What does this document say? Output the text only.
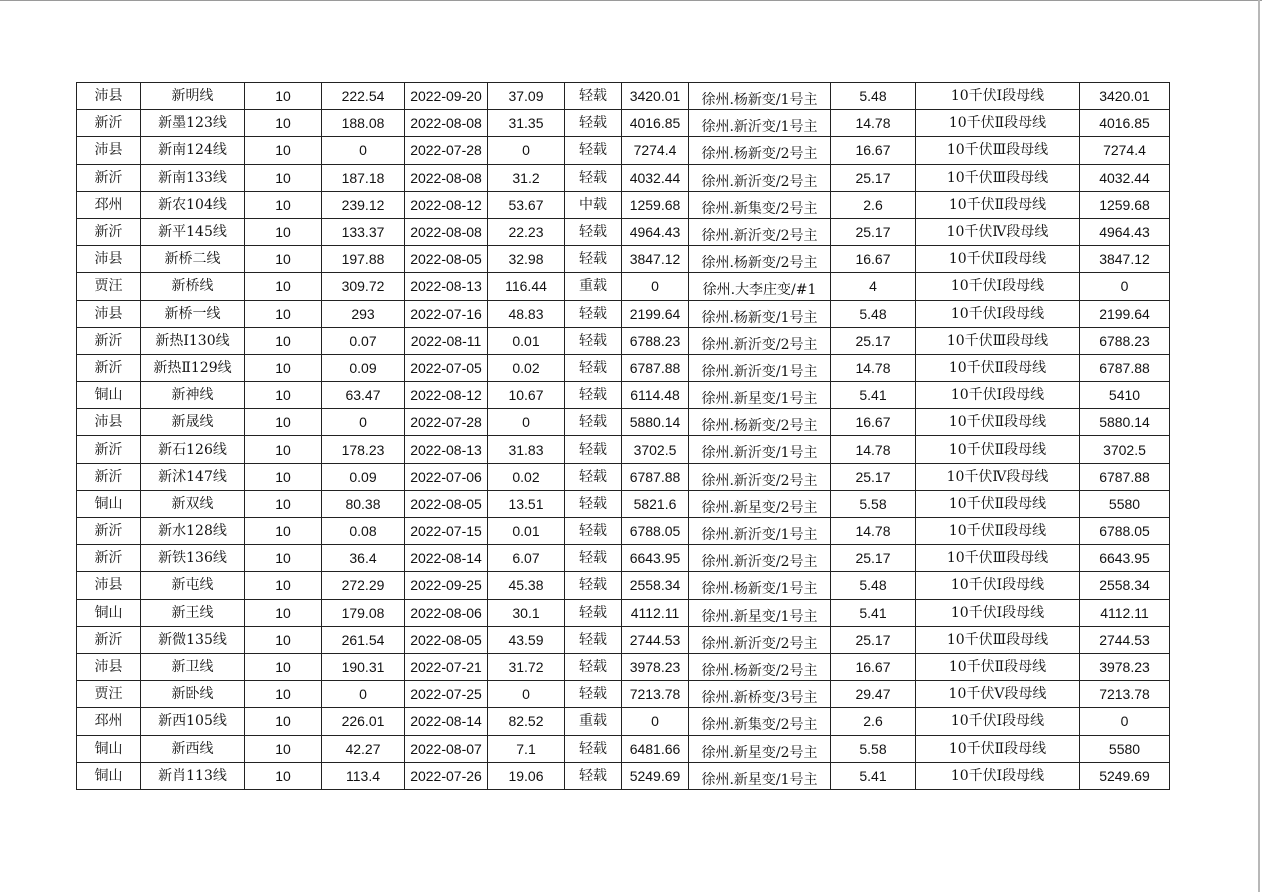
沛县	新明线	10	222.54	2022-09-20	37.09	轻载	3420.01	徐州.杨新变/1号主	5.48	10千伏Ⅰ段母线	3420.01
新沂	新墨123线	10	188.08	2022-08-08	31.35	轻载	4016.85	徐州.新沂变/1号主	14.78	10千伏Ⅱ段母线	4016.85
沛县	新南124线	10	0	2022-07-28	0	轻载	7274.4	徐州.杨新变/2号主	16.67	10千伏Ⅲ段母线	7274.4
新沂	新南133线	10	187.18	2022-08-08	31.2	轻载	4032.44	徐州.新沂变/2号主	25.17	10千伏Ⅲ段母线	4032.44
邳州	新农104线	10	239.12	2022-08-12	53.67	中载	1259.68	徐州.新集变/2号主	2.6	10千伏Ⅱ段母线	1259.68
新沂	新平145线	10	133.37	2022-08-08	22.23	轻载	4964.43	徐州.新沂变/2号主	25.17	10千伏Ⅳ段母线	4964.43
沛县	新桥二线	10	197.88	2022-08-05	32.98	轻载	3847.12	徐州.杨新变/2号主	16.67	10千伏Ⅱ段母线	3847.12
贾汪	新桥线	10	309.72	2022-08-13	116.44	重载	0	徐州.大李庄变/#1	4	10千伏Ⅰ段母线	0
沛县	新桥一线	10	293	2022-07-16	48.83	轻载	2199.64	徐州.杨新变/1号主	5.48	10千伏Ⅰ段母线	2199.64
新沂	新热Ⅰ130线	10	0.07	2022-08-11	0.01	轻载	6788.23	徐州.新沂变/2号主	25.17	10千伏Ⅲ段母线	6788.23
新沂	新热Ⅱ129线	10	0.09	2022-07-05	0.02	轻载	6787.88	徐州.新沂变/1号主	14.78	10千伏Ⅱ段母线	6787.88
铜山	新神线	10	63.47	2022-08-12	10.67	轻载	6114.48	徐州.新星变/1号主	5.41	10千伏Ⅰ段母线	5410
沛县	新晟线	10	0	2022-07-28	0	轻载	5880.14	徐州.杨新变/2号主	16.67	10千伏Ⅱ段母线	5880.14
新沂	新石126线	10	178.23	2022-08-13	31.83	轻载	3702.5	徐州.新沂变/1号主	14.78	10千伏Ⅱ段母线	3702.5
新沂	新沭147线	10	0.09	2022-07-06	0.02	轻载	6787.88	徐州.新沂变/2号主	25.17	10千伏Ⅳ段母线	6787.88
铜山	新双线	10	80.38	2022-08-05	13.51	轻载	5821.6	徐州.新星变/2号主	5.58	10千伏Ⅱ段母线	5580
新沂	新水128线	10	0.08	2022-07-15	0.01	轻载	6788.05	徐州.新沂变/1号主	14.78	10千伏Ⅱ段母线	6788.05
新沂	新铁136线	10	36.4	2022-08-14	6.07	轻载	6643.95	徐州.新沂变/2号主	25.17	10千伏Ⅲ段母线	6643.95
沛县	新屯线	10	272.29	2022-09-25	45.38	轻载	2558.34	徐州.杨新变/1号主	5.48	10千伏Ⅰ段母线	2558.34
铜山	新王线	10	179.08	2022-08-06	30.1	轻载	4112.11	徐州.新星变/1号主	5.41	10千伏Ⅰ段母线	4112.11
新沂	新微135线	10	261.54	2022-08-05	43.59	轻载	2744.53	徐州.新沂变/2号主	25.17	10千伏Ⅲ段母线	2744.53
沛县	新卫线	10	190.31	2022-07-21	31.72	轻载	3978.23	徐州.杨新变/2号主	16.67	10千伏Ⅱ段母线	3978.23
贾汪	新卧线	10	0	2022-07-25	0	轻载	7213.78	徐州.新桥变/3号主	29.47	10千伏Ⅴ段母线	7213.78
邳州	新西105线	10	226.01	2022-08-14	82.52	重载	0	徐州.新集变/2号主	2.6	10千伏Ⅰ段母线	0
铜山	新西线	10	42.27	2022-08-07	7.1	轻载	6481.66	徐州.新星变/2号主	5.58	10千伏Ⅱ段母线	5580
铜山	新肖113线	10	113.4	2022-07-26	19.06	轻载	5249.69	徐州.新星变/1号主	5.41	10千伏Ⅰ段母线	5249.69
